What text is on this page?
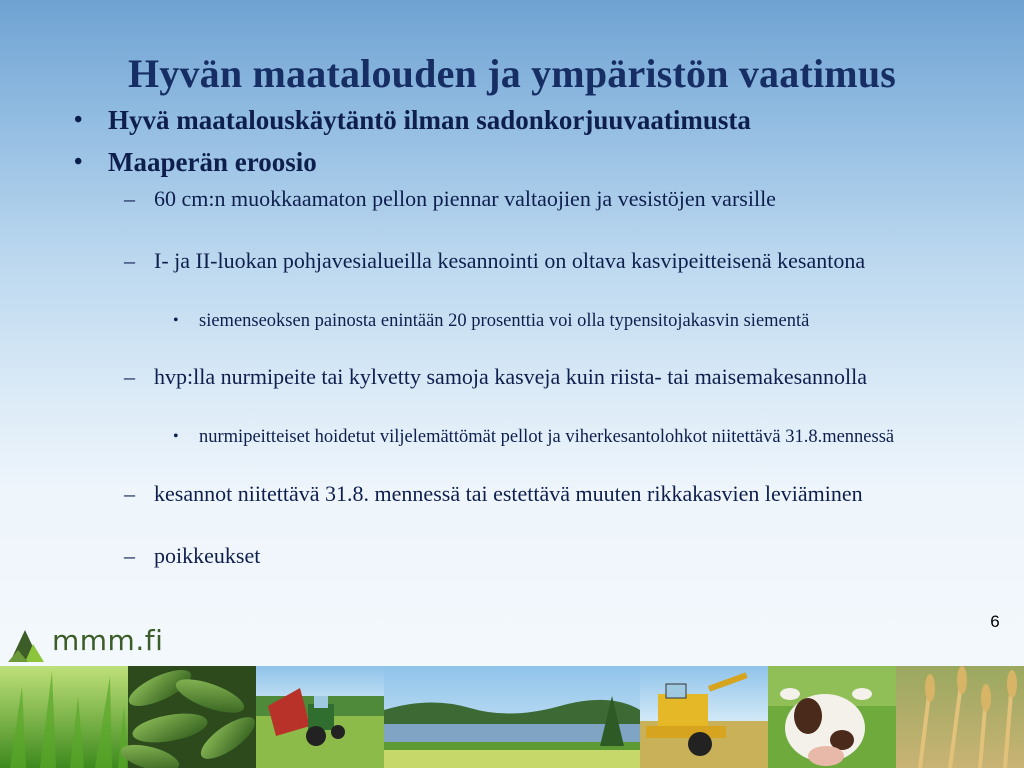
Hyvän maatalouden ja ympäristön vaatimus
• Hyvä maatalouskäytäntö ilman sadonkorjuuvaatimusta
• Maaperän eroosio
– 60 cm:n muokkaamaton pellon piennar valtaojien ja vesistöjen varsille
– I- ja II-luokan pohjavesialueilla kesannointi on oltava kasvipeitteisenä kesantona
• siemenseoksen painosta enintään 20 prosenttia voi olla typensitojakasvin siementä
– hvp:lla nurmipeite tai kylvetty samoja kasveja kuin riista- tai maisemakesannolla
• nurmipeitteiset hoidetut viljelemättömät pellot ja viherkesantolohkot niitettävä 31.8.mennessä
– kesannot niitettävä 31.8. mennessä tai estettävä muuten rikkakasvien leviäminen
– poikkeukset
6
mmm.fi
